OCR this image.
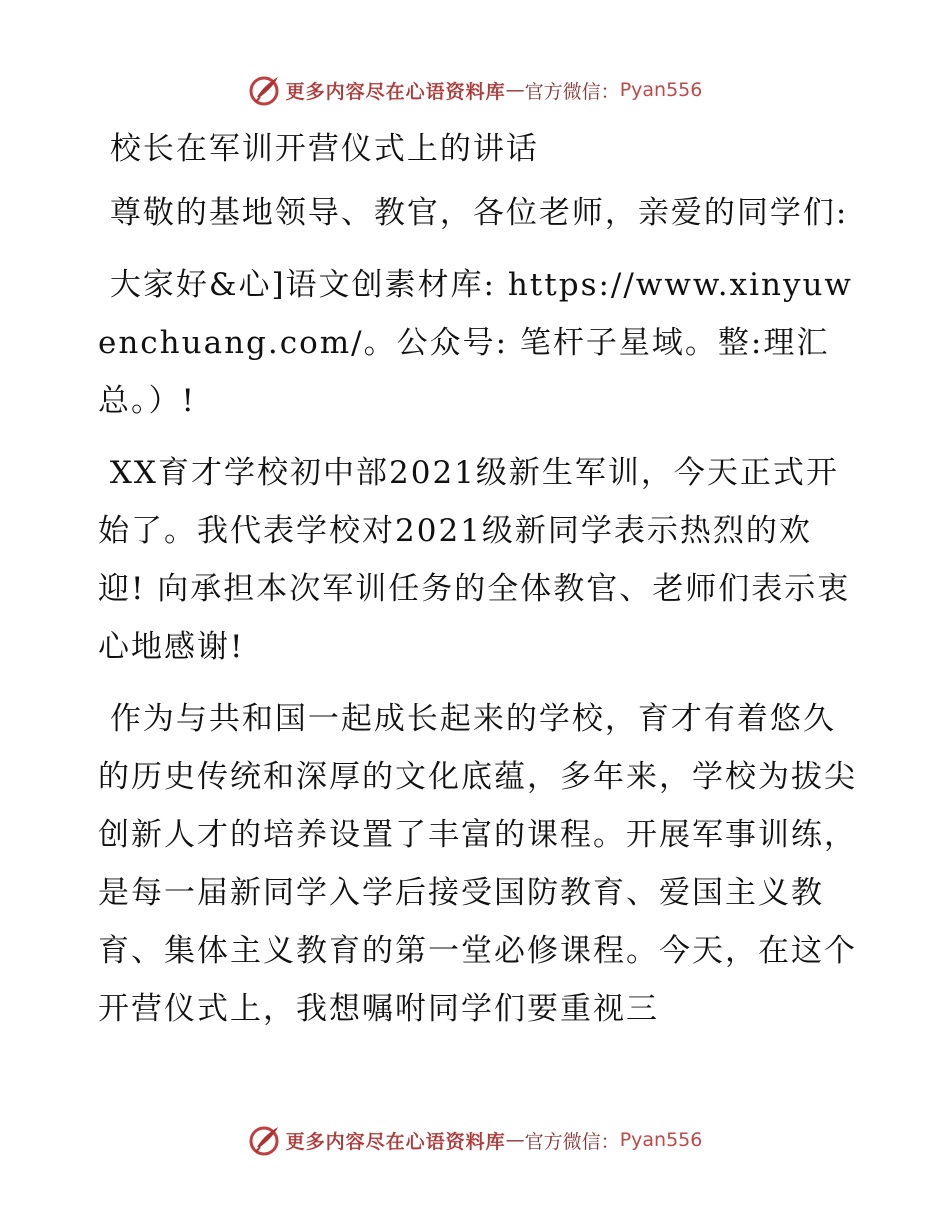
更多内容尽在心语资料库 — 官方微信： Pyan556

校长在军训开营仪式上的讲话

尊敬的基地领导、教官，各位老师，亲爱的同学们:

大家好&心]语文创素材库: https://www.xinyuwenchuang.com/。公众号: 笔杆子星域。整:理汇总。）!

XX育才学校初中部2021级新生军训，今天正式开始了。我代表学校对2021级新同学表示热烈的欢迎! 向承担本次军训任务的全体教官、老师们表示衷心地感谢!

作为与共和国一起成长起来的学校，育才有着悠久的历史传统和深厚的文化底蕴，多年来，学校为拔尖创新人才的培养设置了丰富的课程。开展军事训练，是每一届新同学入学后接受国防教育、爱国主义教育、集体主义教育的第一堂必修课程。今天，在这个开营仪式上，我想嘱咐同学们要重视三

更多内容尽在心语资料库 — 官方微信： Pyan556
